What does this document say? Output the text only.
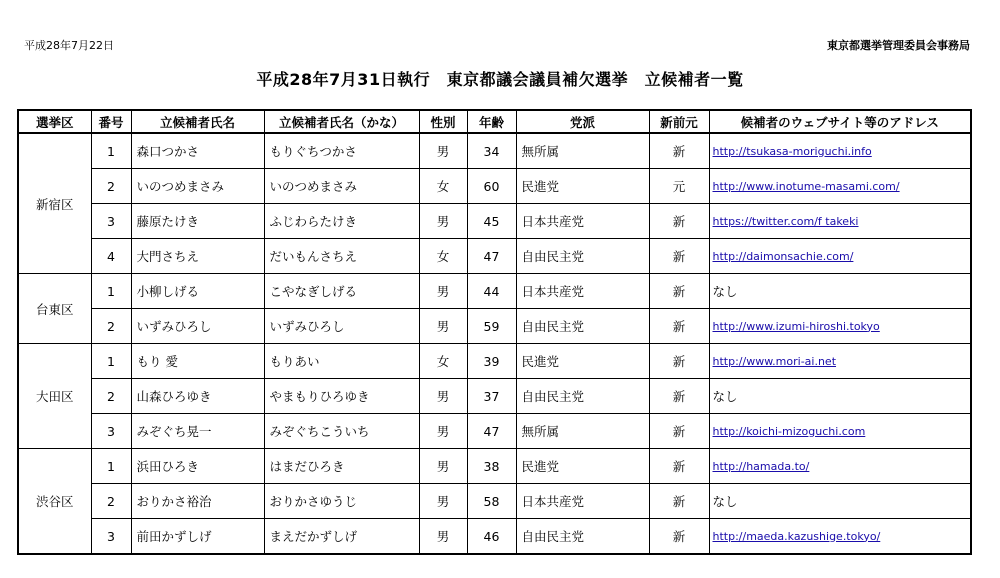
平成28年7月22日	東京都選挙管理委員会事務局
平成28年7月31日執行　東京都議会議員補欠選挙　立候補者一覧
選挙区	番号	立候補者氏名	立候補者氏名（かな）	性別	年齢	党派	新前元	候補者のウェブサイト等のアドレス
新宿区	1	森口つかさ	もりぐちつかさ	男	34	無所属	新	http://tsukasa-moriguchi.info
	2	いのつめまさみ	いのつめまさみ	女	60	民進党	元	http://www.inotume-masami.com/
	3	藤原たけき	ふじわらたけき	男	45	日本共産党	新	https://twitter.com/f takeki
	4	大門さちえ	だいもんさちえ	女	47	自由民主党	新	http://daimonsachie.com/
台東区	1	小柳しげる	こやなぎしげる	男	44	日本共産党	新	なし
	2	いずみひろし	いずみひろし	男	59	自由民主党	新	http://www.izumi-hiroshi.tokyo
大田区	1	もり 愛	もりあい	女	39	民進党	新	http://www.mori-ai.net
	2	山森ひろゆき	やまもりひろゆき	男	37	自由民主党	新	なし
	3	みぞぐち晃一	みぞぐちこういち	男	47	無所属	新	http://koichi-mizoguchi.com
渋谷区	1	浜田ひろき	はまだひろき	男	38	民進党	新	http://hamada.to/
	2	おりかさ裕治	おりかさゆうじ	男	58	日本共産党	新	なし
	3	前田かずしげ	まえだかずしげ	男	46	自由民主党	新	http://maeda.kazushige.tokyo/
